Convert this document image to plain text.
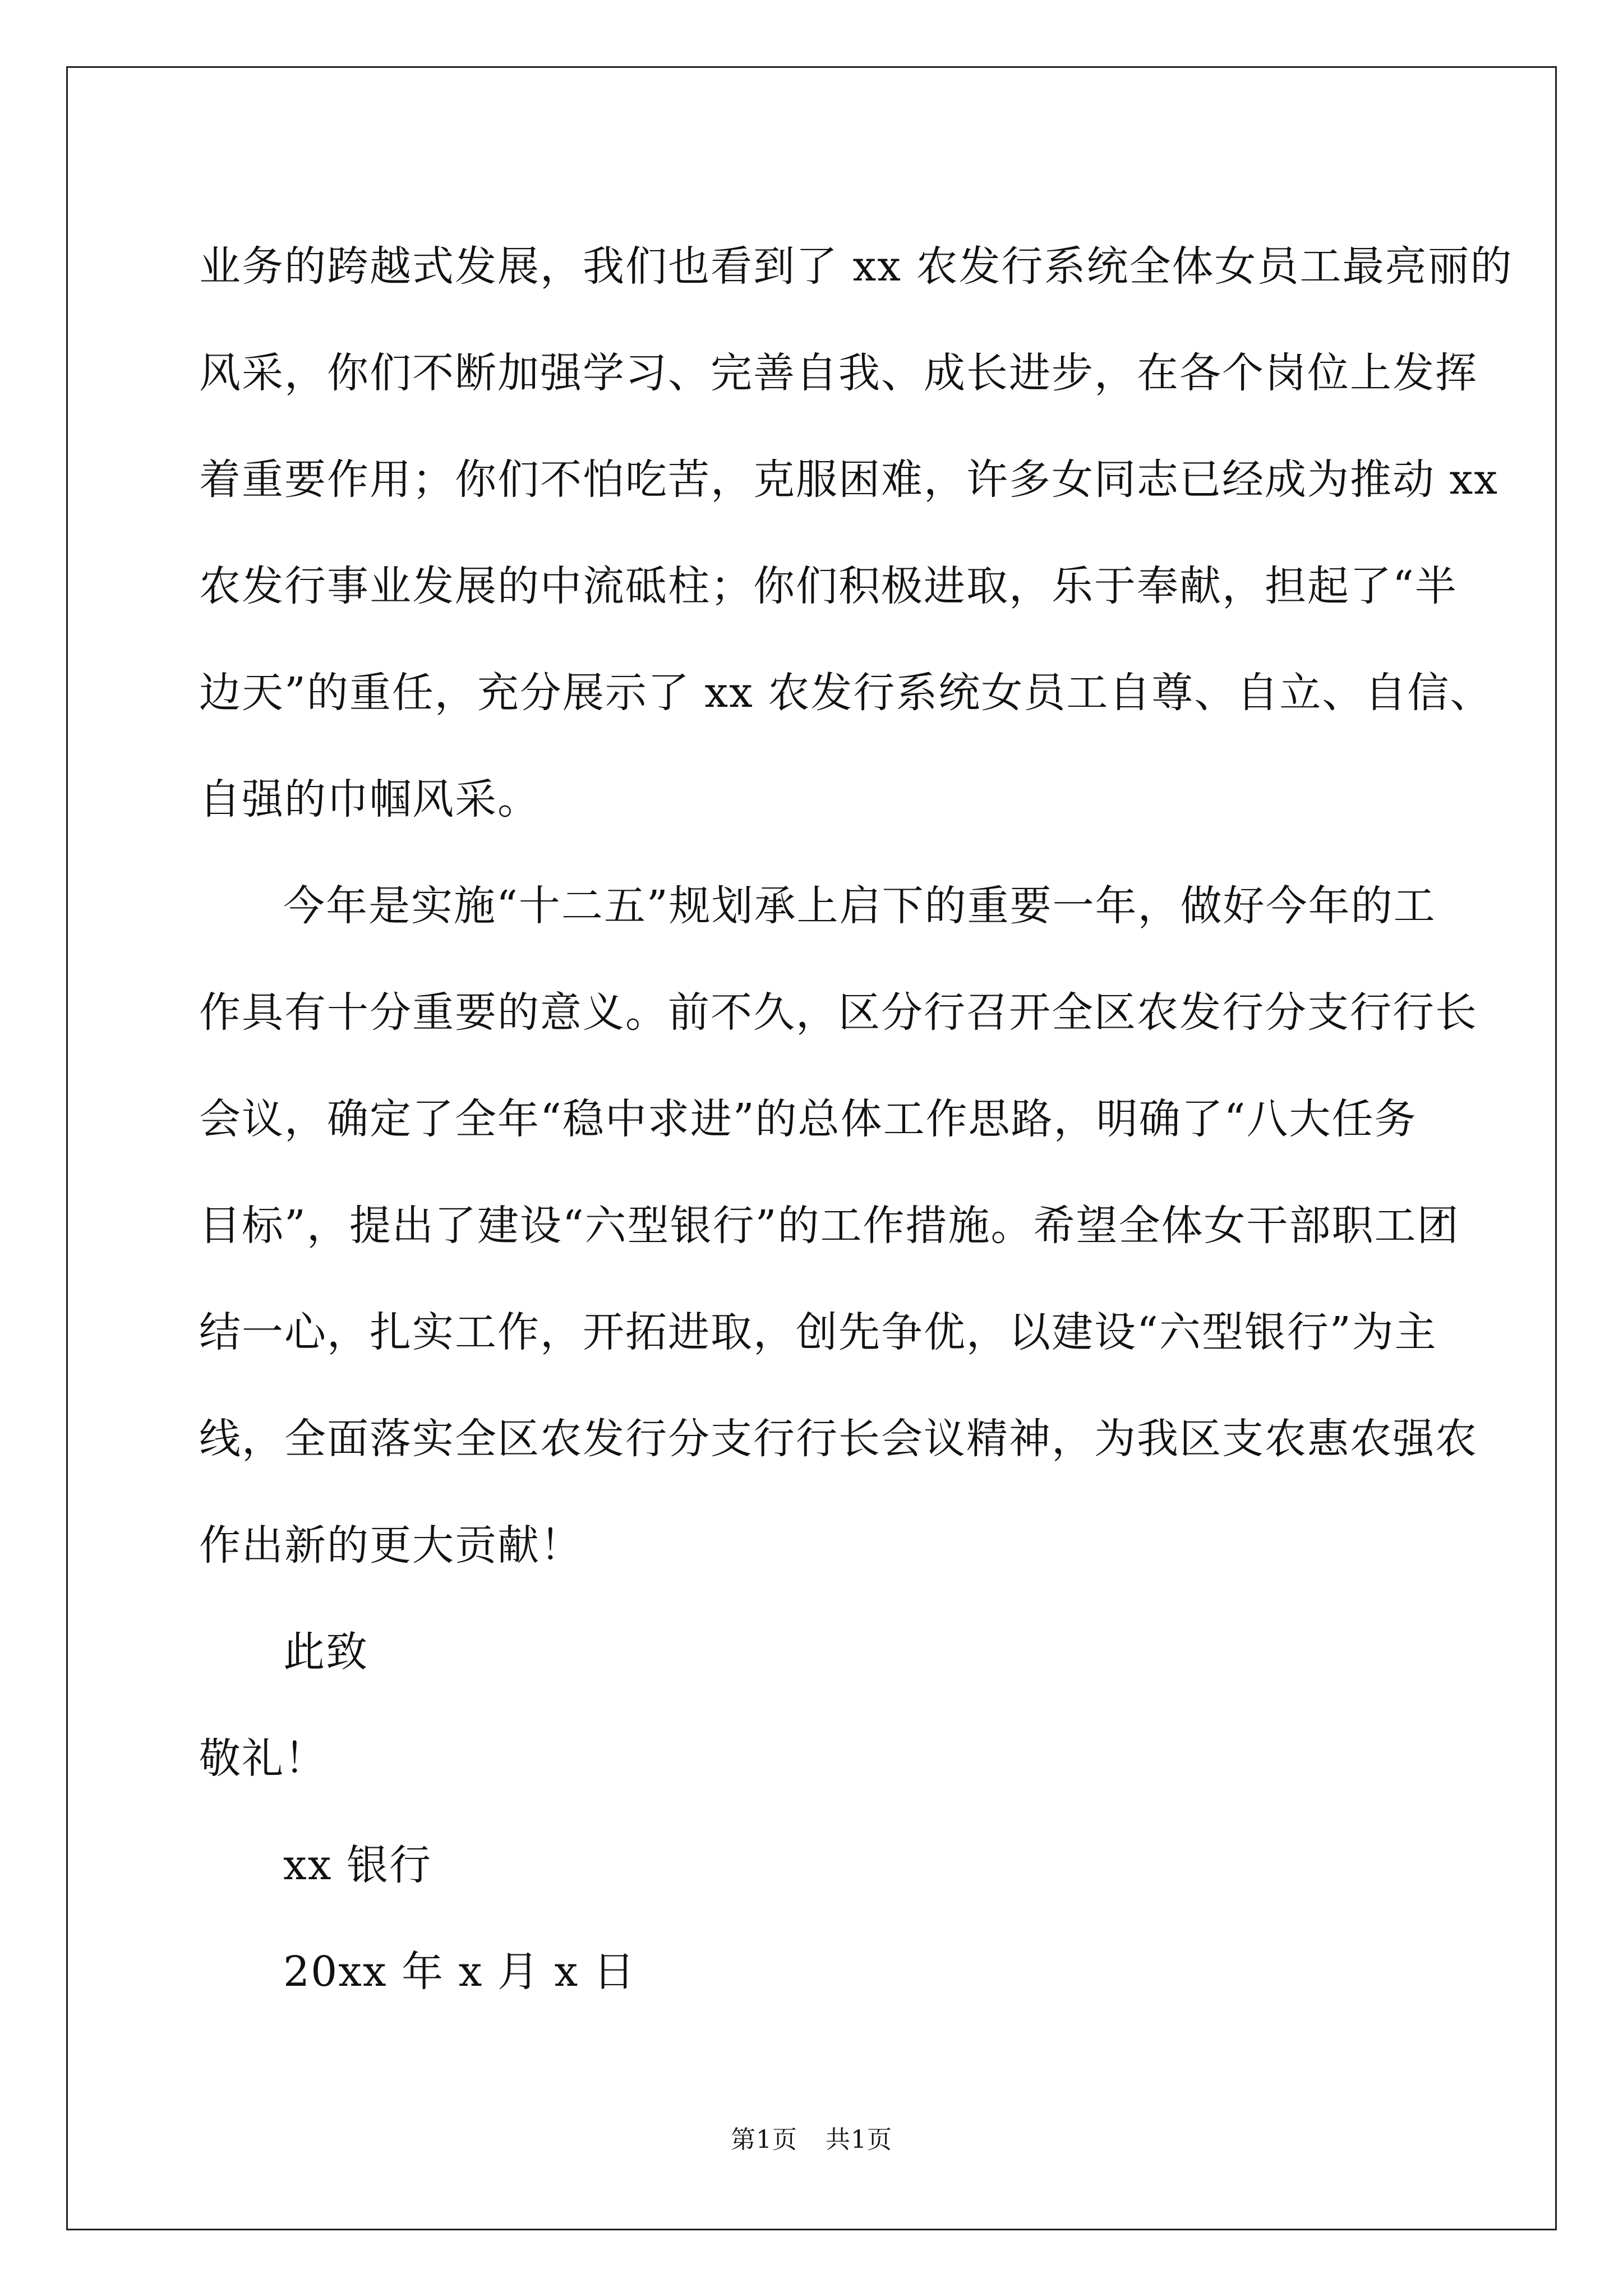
业务的跨越式发展，我们也看到了 xx 农发行系统全体女员工最亮丽的
风采，你们不断加强学习、完善自我、成长进步，在各个岗位上发挥
着重要作用；你们不怕吃苦，克服困难，许多女同志已经成为推动 xx
农发行事业发展的中流砥柱；你们积极进取，乐于奉献，担起了“半
边天”的重任，充分展示了 xx 农发行系统女员工自尊、自立、自信、
自强的巾帼风采。
今年是实施“十二五”规划承上启下的重要一年，做好今年的工
作具有十分重要的意义。前不久，区分行召开全区农发行分支行行长
会议，确定了全年“稳中求进”的总体工作思路，明确了“八大任务
目标”，提出了建设“六型银行”的工作措施。希望全体女干部职工团
结一心，扎实工作，开拓进取，创先争优，以建设“六型银行”为主
线，全面落实全区农发行分支行行长会议精神，为我区支农惠农强农
作出新的更大贡献！
此致
敬礼！
xx 银行
20xx 年 x 月 x 日
第1页 共1页
